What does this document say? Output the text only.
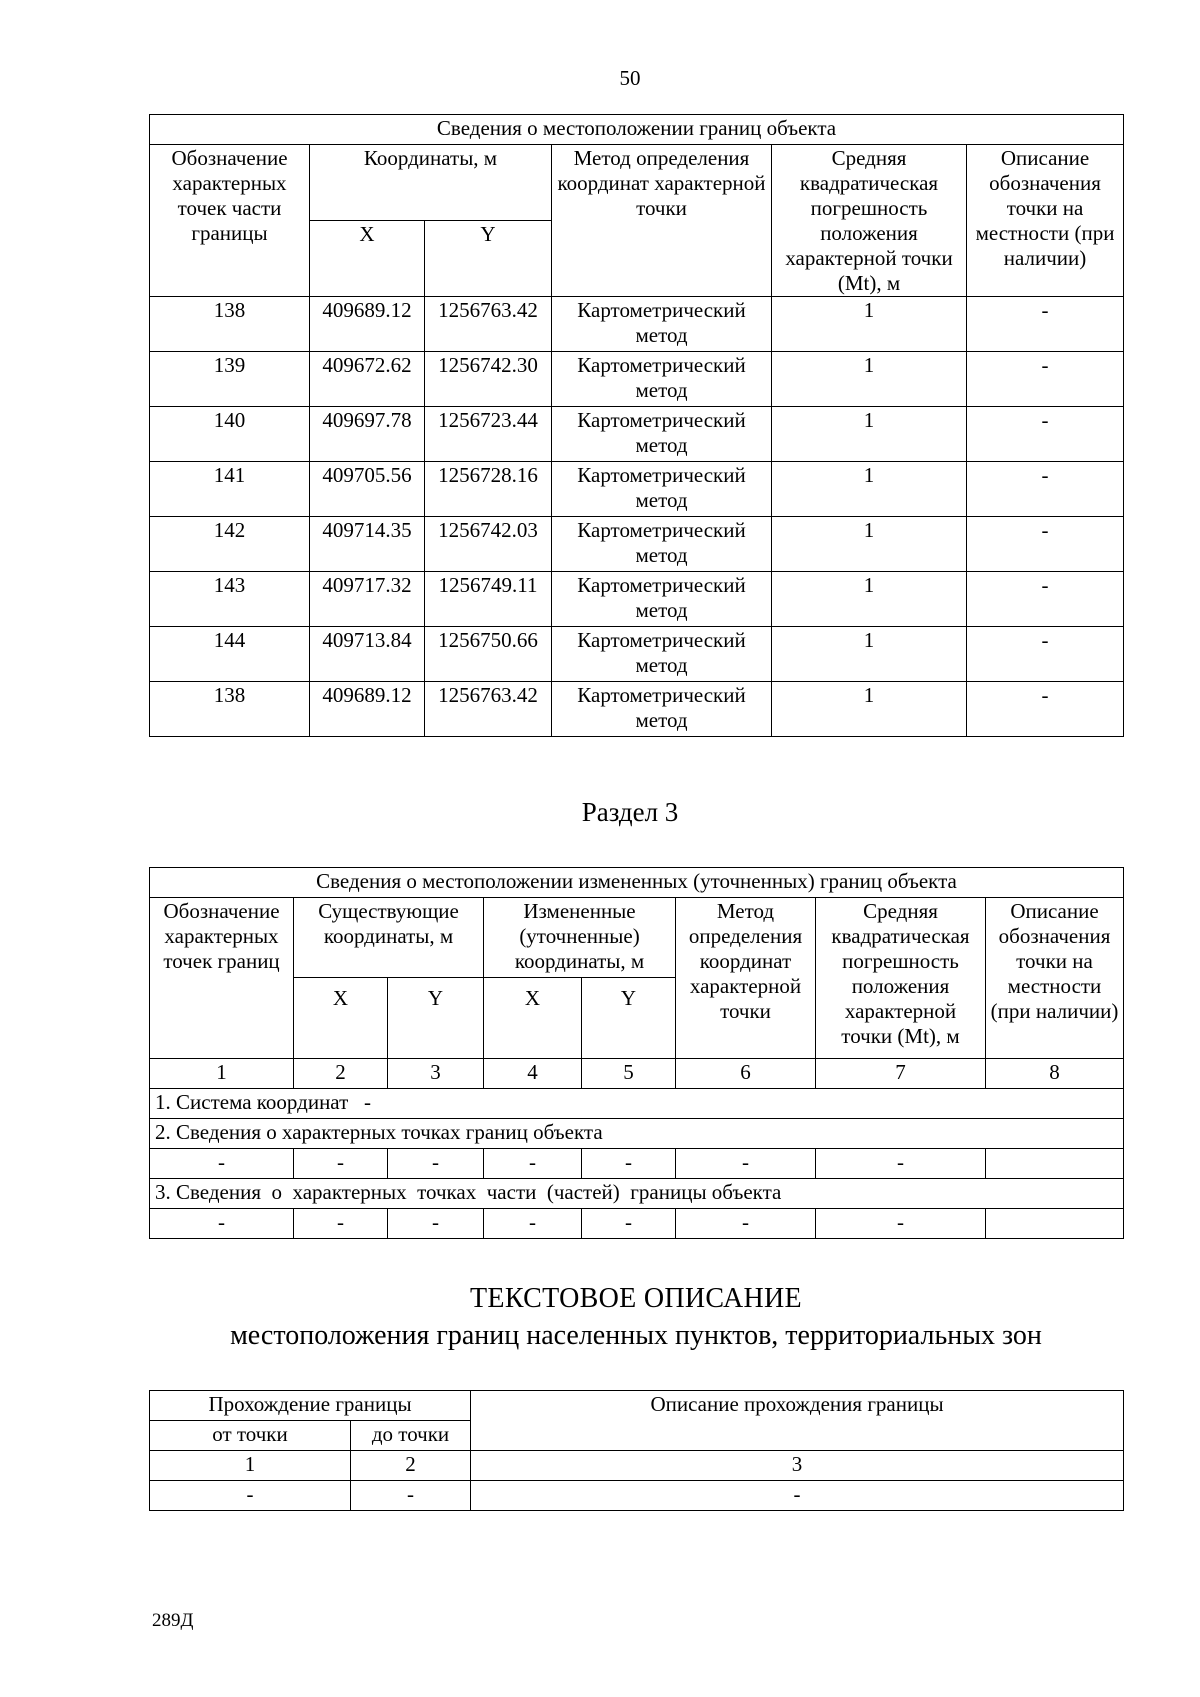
50
Сведения о местоположении границ объекта					
Обозначение характерных точек части границы	Координаты, м		Метод определения координат характерной точки	Средняя квадратическая погрешность положения характерной точки (Mt), м	Описание обозначения точки на местности (при наличии)
	X	Y			
138	409689.12	1256763.42	Картометрический метод	1	-
139	409672.62	1256742.30	Картометрический метод	1	-
140	409697.78	1256723.44	Картометрический метод	1	-
141	409705.56	1256728.16	Картометрический метод	1	-
142	409714.35	1256742.03	Картометрический метод	1	-
143	409717.32	1256749.11	Картометрический метод	1	-
144	409713.84	1256750.66	Картометрический метод	1	-
138	409689.12	1256763.42	Картометрический метод	1	-
Раздел 3
Сведения о местоположении измененных (уточненных) границ объекта							
Обозначение характерных точек границ	Существующие координаты, м		Измененные (уточненные) координаты, м		Метод определения координат характерной точки	Средняя квадратическая погрешность положения характерной точки (Mt), м	Описание обозначения точки на местности (при наличии)
	X	Y	X	Y			
1	2	3	4	5	6	7	8
1. Система координат   -							
2. Сведения о характерных точках границ объекта							
-	-	-	-	-	-	-	
3. Сведения  о  характерных  точках  части  (частей)  границы объекта							
-	-	-	-	-	-	-	
ТЕКСТОВОЕ ОПИСАНИЕ
местоположения границ населенных пунктов, территориальных зон
Прохождение границы		Описание прохождения границы
от точки	до точки	
1	2	3
-	-	-
289Д
